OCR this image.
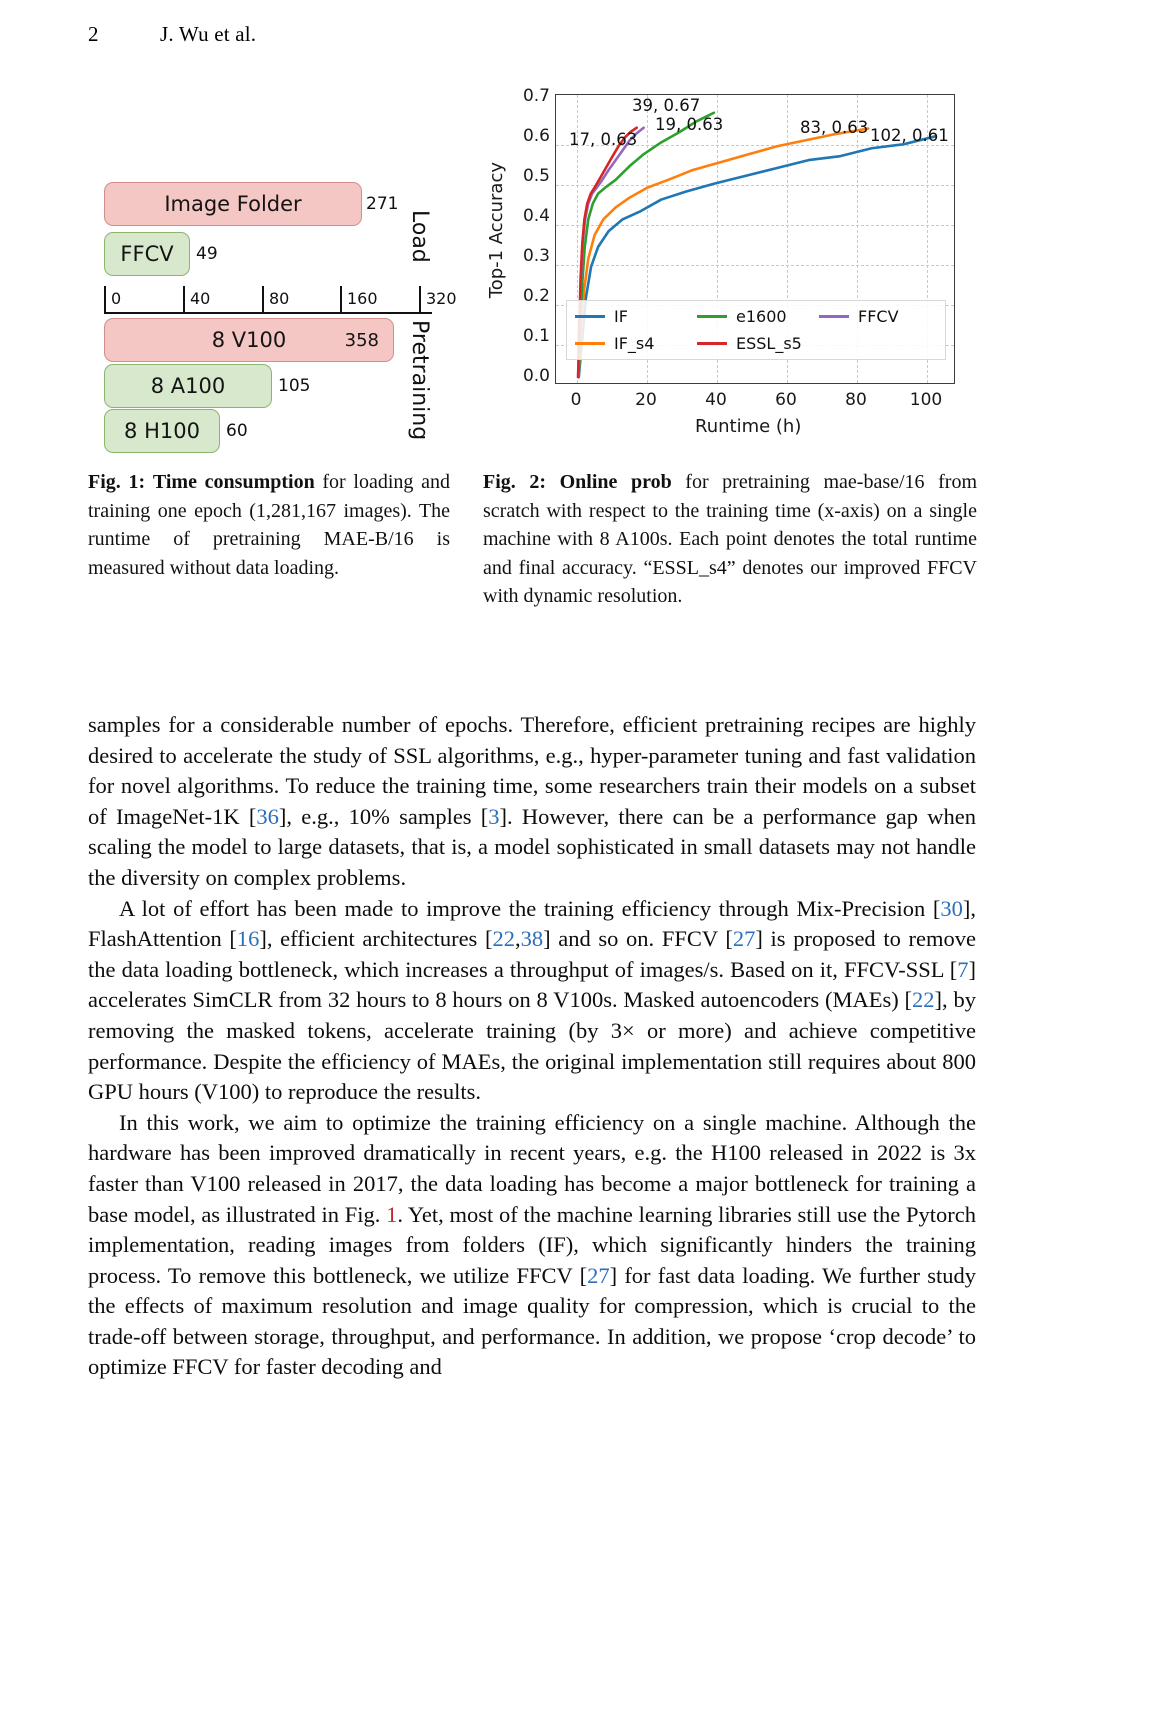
2	J. Wu et al.
Image Folder	271
FFCV 49
0	40	80	160	320
8 V100	358
8 A100	105
8 H100 60
Load
Pretraining
Top-1 Accuracy
0.7
0.6
0.5
0.4
0.3
0.2
0.1
0.0
17, 0.63
19, 0.63
39, 0.67
83, 0.63 102, 0.61
IF	e1600	FFCV
IF_s4	ESSL_s5
0	20	40	60	80	100
Runtime (h)
Fig. 1: Time consumption for loading and training one epoch (1,281,167 images). The runtime of pretraining MAE-B/16 is measured without data loading.
Fig. 2: Online prob for pretraining mae-base/16 from scratch with respect to the training time (x-axis) on a single machine with 8 A100s. Each point denotes the total runtime and final accuracy. “ESSL_s4” denotes our improved FFCV with dynamic resolution.

samples for a considerable number of epochs. Therefore, efficient pretraining recipes are highly desired to accelerate the study of SSL algorithms, e.g., hyper-parameter tuning and fast validation for novel algorithms. To reduce the training time, some researchers train their models on a subset of ImageNet-1K [36], e.g., 10% samples [3]. However, there can be a performance gap when scaling the model to large datasets, that is, a model sophisticated in small datasets may not handle the diversity on complex problems.

A lot of effort has been made to improve the training efficiency through Mix-Precision [30], FlashAttention [16], efficient architectures [22,38] and so on. FFCV [27] is proposed to remove the data loading bottleneck, which increases a throughput of images/s. Based on it, FFCV-SSL [7] accelerates SimCLR from 32 hours to 8 hours on 8 V100s. Masked autoencoders (MAEs) [22], by removing the masked tokens, accelerate training (by 3× or more) and achieve competitive performance. Despite the efficiency of MAEs, the original implementation still requires about 800 GPU hours (V100) to reproduce the results.

In this work, we aim to optimize the training efficiency on a single machine. Although the hardware has been improved dramatically in recent years, e.g. the H100 released in 2022 is 3x faster than V100 released in 2017, the data loading has become a major bottleneck for training a base model, as illustrated in Fig. 1. Yet, most of the machine learning libraries still use the Pytorch implementation, reading images from folders (IF), which significantly hinders the training process. To remove this bottleneck, we utilize FFCV [27] for fast data loading. We further study the effects of maximum resolution and image quality for compression, which is crucial to the trade-off between storage, throughput, and performance. In addition, we propose ‘crop decode’ to optimize FFCV for faster decoding and
